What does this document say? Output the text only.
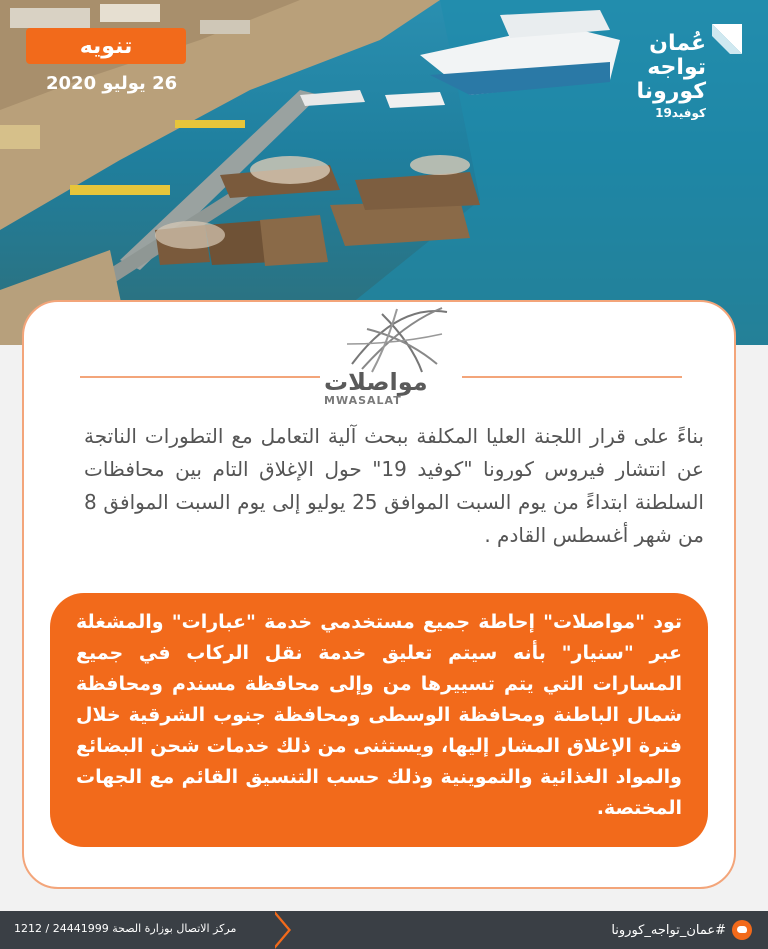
تنويه
26 يوليو 2020
عُمان
تواجه
كورونا
كوفيد19
مواصلات
MWASALAT
بناءً على قرار اللجنة العليا المكلفة ببحث آلية التعامل مع التطورات الناتجة عن انتشار فيروس كورونا "كوفيد 19" حول الإغلاق التام بين محافظات السلطنة ابتداءً من يوم السبت الموافق 25 يوليو إلى يوم السبت الموافق 8 من شهر أغسطس القادم .
تود "مواصلات" إحاطة جميع مستخدمي خدمة "عبارات" والمشغلة عبر "سنيار" بأنه سيتم تعليق خدمة نقل الركاب في جميع المسارات التي يتم تسييرها من وإلى محافظة مسندم ومحافظة شمال الباطنة ومحافظة الوسطى ومحافظة جنوب الشرقية خلال فترة الإغلاق المشار إليها، ويستثنى من ذلك خدمات شحن البضائع والمواد الغذائية والتموينية وذلك حسب التنسيق القائم مع الجهات المختصة.
#عمان_تواجه_كورونا
مركز الاتصال بوزارة الصحة 24441999 / 1212
